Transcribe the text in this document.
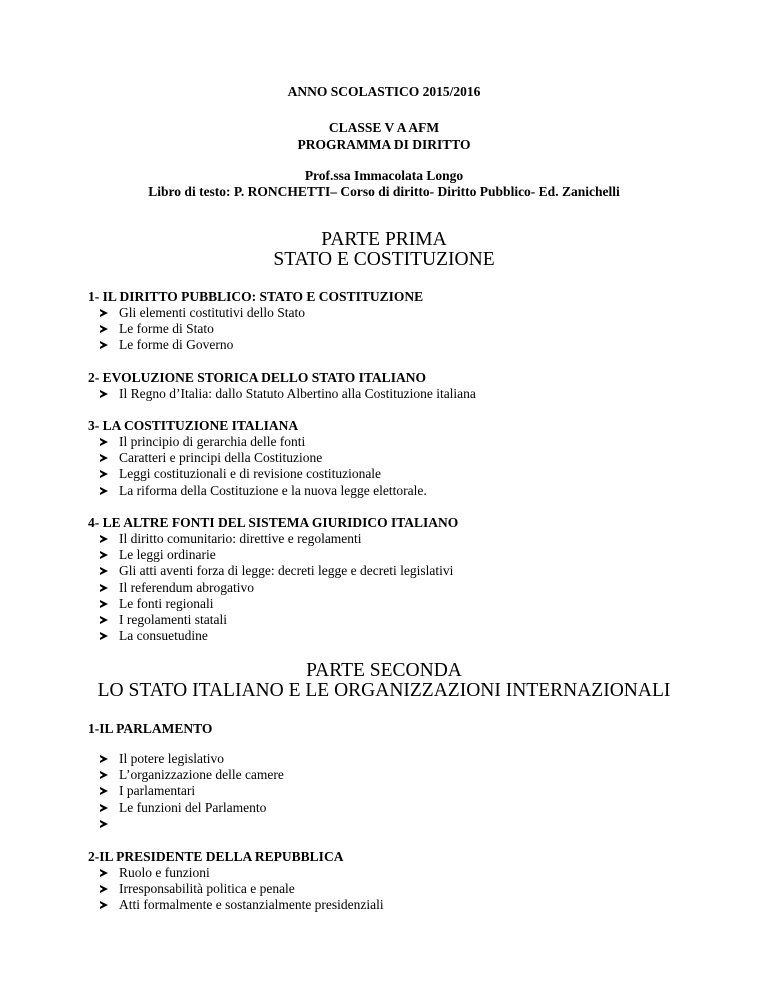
ANNO SCOLASTICO 2015/2016
CLASSE V A AFM
PROGRAMMA DI DIRITTO
Prof.ssa Immacolata Longo
Libro di testo: P. RONCHETTI– Corso di diritto- Diritto Pubblico- Ed. Zanichelli
PARTE PRIMA
STATO E COSTITUZIONE
1- IL DIRITTO PUBBLICO: STATO E COSTITUZIONE
Gli elementi costitutivi dello Stato
Le forme di Stato
Le forme di Governo
2- EVOLUZIONE STORICA DELLO STATO ITALIANO
Il Regno d’Italia: dallo Statuto Albertino alla Costituzione italiana
3- LA COSTITUZIONE ITALIANA
Il principio di gerarchia delle fonti
Caratteri e principi della Costituzione
Leggi costituzionali e di revisione costituzionale
La riforma della Costituzione e la nuova legge elettorale.
4- LE ALTRE FONTI DEL SISTEMA GIURIDICO ITALIANO
Il diritto comunitario: direttive e regolamenti
Le leggi ordinarie
Gli atti aventi forza di legge: decreti legge e decreti legislativi
Il referendum abrogativo
Le fonti regionali
I regolamenti statali
La consuetudine
PARTE SECONDA
LO STATO ITALIANO E LE ORGANIZZAZIONI INTERNAZIONALI
1-IL PARLAMENTO
Il potere legislativo
L’organizzazione delle camere
I parlamentari
Le funzioni del Parlamento
2-IL PRESIDENTE DELLA REPUBBLICA
Ruolo e funzioni
Irresponsabilità politica e penale
Atti formalmente e sostanzialmente presidenziali
